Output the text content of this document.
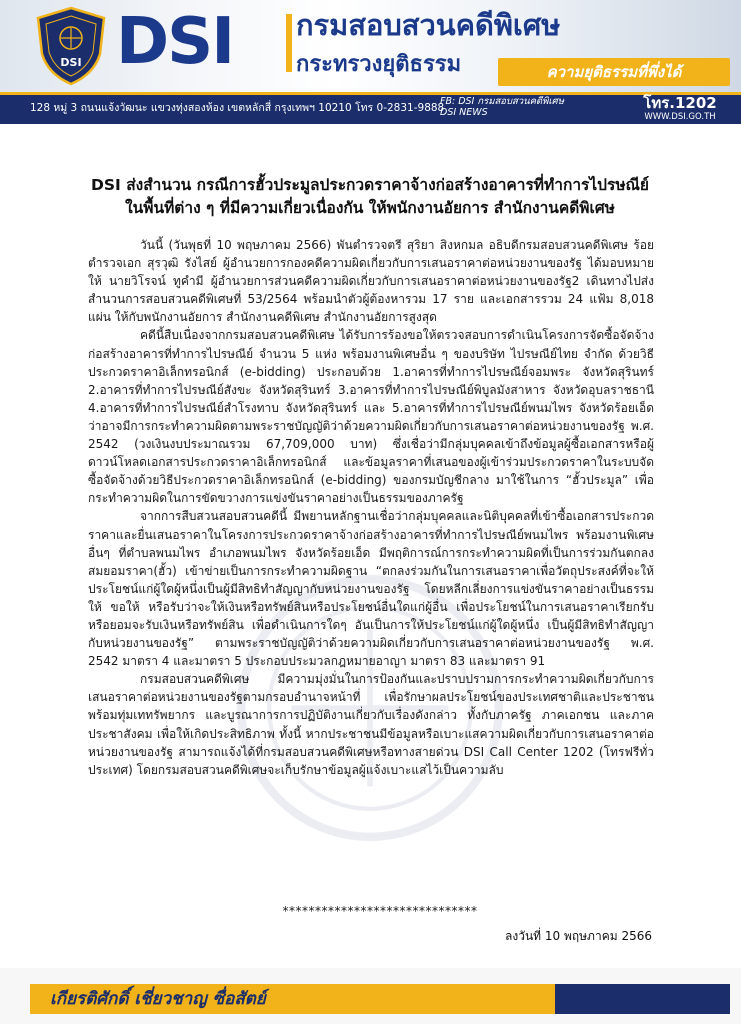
DSI DSI กรมสอบสวนคดีพิเศษ
กระทรวงยุติธรรม	ความยุติธรรมที่พึ่งได้
128 หมู่ 3 ถนนแจ้งวัฒนะ แขวงทุ่งสองห้อง เขตหลักสี่ กรุงเทพฯ 10210 โทร 0-2831-9888
FB: DSI กรมสอบสวนคดีพิเศษ
DSI NEWS
โทร.1202
WWW.DSI.GO.TH
DSI ส่งสำนวน กรณีการฮั้วประมูลประกวดราคาจ้างก่อสร้างอาคารที่ทำการไปรษณีย์
ในพื้นที่ต่าง ๆ ที่มีความเกี่ยวเนื่องกัน ให้พนักงานอัยการ สำนักงานคดีพิเศษ

วันนี้ (วันพุธที่ 10 พฤษภาคม 2566) พันตำรวจตรี สุริยา สิงหกมล อธิบดีกรมสอบสวนคดีพิเศษ ร้อยตำรวจเอก สุรวุฒิ รังไสย์ ผู้อำนวยการกองคดีความผิดเกี่ยวกับการเสนอราคาต่อหน่วยงานของรัฐ ได้มอบหมายให้ นายวิโรจน์ ทูคำมี ผู้อำนวยการส่วนคดีความผิดเกี่ยวกับการเสนอราคาต่อหน่วยงานของรัฐ2 เดินทางไปส่งสำนวนการสอบสวนคดีพิเศษที่ 53/2564 พร้อมนำตัวผู้ต้องหารวม 17 ราย และเอกสารรวม 24 แฟ้ม 8,018 แผ่น ให้กับพนักงานอัยการ สำนักงานคดีพิเศษ สำนักงานอัยการสูงสุด

คดีนี้สืบเนื่องจากกรมสอบสวนคดีพิเศษ ได้รับการร้องขอให้ตรวจสอบการดำเนินโครงการจัดซื้อจัดจ้างก่อสร้างอาคารที่ทำการไปรษณีย์ จำนวน 5 แห่ง พร้อมงานพิเศษอื่น ๆ ของบริษัท ไปรษณีย์ไทย จำกัด ด้วยวิธีประกวดราคาอิเล็กทรอนิกส์ (e-bidding) ประกอบด้วย 1.อาคารที่ทำการไปรษณีย์จอมพระ จังหวัดสุรินทร์ 2.อาคารที่ทำการไปรษณีย์สังขะ จังหวัดสุรินทร์ 3.อาคารที่ทำการไปรษณีย์พิบูลมังสาหาร จังหวัดอุบลราชธานี 4.อาคารที่ทำการไปรษณีย์สำโรงทาบ จังหวัดสุรินทร์ และ 5.อาคารที่ทำการไปรษณีย์พนมไพร จังหวัดร้อยเอ็ด ว่าอาจมีการกระทำความผิดตามพระราชบัญญัติว่าด้วยความผิดเกี่ยวกับการเสนอราคาต่อหน่วยงานของรัฐ พ.ศ. 2542 (วงเงินงบประมาณรวม 67,709,000 บาท) ซึ่งเชื่อว่ามีกลุ่มบุคคลเข้าถึงข้อมูลผู้ซื้อเอกสารหรือผู้ดาวน์โหลดเอกสารประกวดราคาอิเล็กทรอนิกส์ และข้อมูลราคาที่เสนอของผู้เข้าร่วมประกวดราคาในระบบจัดซื้อจัดจ้างด้วยวิธีประกวดราคาอิเล็กทรอนิกส์ (e-bidding) ของกรมบัญชีกลาง มาใช้ในการ “ฮั้วประมูล” เพื่อกระทำความผิดในการขัดขวางการแข่งขันราคาอย่างเป็นธรรมของภาครัฐ

จากการสืบสวนสอบสวนคดีนี้ มีพยานหลักฐานเชื่อว่ากลุ่มบุคคลและนิติบุคคลที่เข้าซื้อเอกสารประกวดราคาและยื่นเสนอราคาในโครงการประกวดราคาจ้างก่อสร้างอาคารที่ทำการไปรษณีย์พนมไพร พร้อมงานพิเศษอื่นๆ ที่ตำบลพนมไพร อำเภอพนมไพร จังหวัดร้อยเอ็ด มีพฤติการณ์การกระทำความผิดที่เป็นการร่วมกันตกลงสมยอมราคา(ฮั้ว) เข้าข่ายเป็นการกระทำความผิดฐาน “ตกลงร่วมกันในการเสนอราคาเพื่อวัตถุประสงค์ที่จะให้ประโยชน์แก่ผู้ใดผู้หนึ่งเป็นผู้มีสิทธิทำสัญญากับหน่วยงานของรัฐ โดยหลีกเลี่ยงการแข่งขันราคาอย่างเป็นธรรม ให้ ขอให้ หรือรับว่าจะให้เงินหรือทรัพย์สินหรือประโยชน์อื่นใดแก่ผู้อื่น เพื่อประโยชน์ในการเสนอราคาเรียกรับ หรือยอมจะรับเงินหรือทรัพย์สิน เพื่อดำเนินการใดๆ อันเป็นการให้ประโยชน์แก่ผู้ใดผู้หนึ่ง เป็นผู้มีสิทธิทำสัญญากับหน่วยงานของรัฐ” ตามพระราชบัญญัติว่าด้วยความผิดเกี่ยวกับการเสนอราคาต่อหน่วยงานของรัฐ พ.ศ. 2542 มาตรา 4 และมาตรา 5 ประกอบประมวลกฎหมายอาญา มาตรา 83 และมาตรา 91

กรมสอบสวนคดีพิเศษ มีความมุ่งมั่นในการป้องกันและปราบปรามการกระทำความผิดเกี่ยวกับการเสนอราคาต่อหน่วยงานของรัฐตามกรอบอำนาจหน้าที่ เพื่อรักษาผลประโยชน์ของประเทศชาติและประชาชน พร้อมทุ่มเททรัพยากร และบูรณาการการปฏิบัติงานเกี่ยวกับเรื่องดังกล่าว ทั้งกับภาครัฐ ภาคเอกชน และภาคประชาสังคม เพื่อให้เกิดประสิทธิภาพ ทั้งนี้ หากประชาชนมีข้อมูลหรือเบาะแสความผิดเกี่ยวกับการเสนอราคาต่อหน่วยงานของรัฐ สามารถแจ้งได้ที่กรมสอบสวนคดีพิเศษหรือทางสายด่วน DSI Call Center 1202 (โทรฟรีทั่วประเทศ) โดยกรมสอบสวนคดีพิเศษจะเก็บรักษาข้อมูลผู้แจ้งเบาะแสไว้เป็นความลับ

******************************
ลงวันที่ 10 พฤษภาคม 2566
เกียรติศักดิ์ เชี่ยวชาญ ซื่อสัตย์
